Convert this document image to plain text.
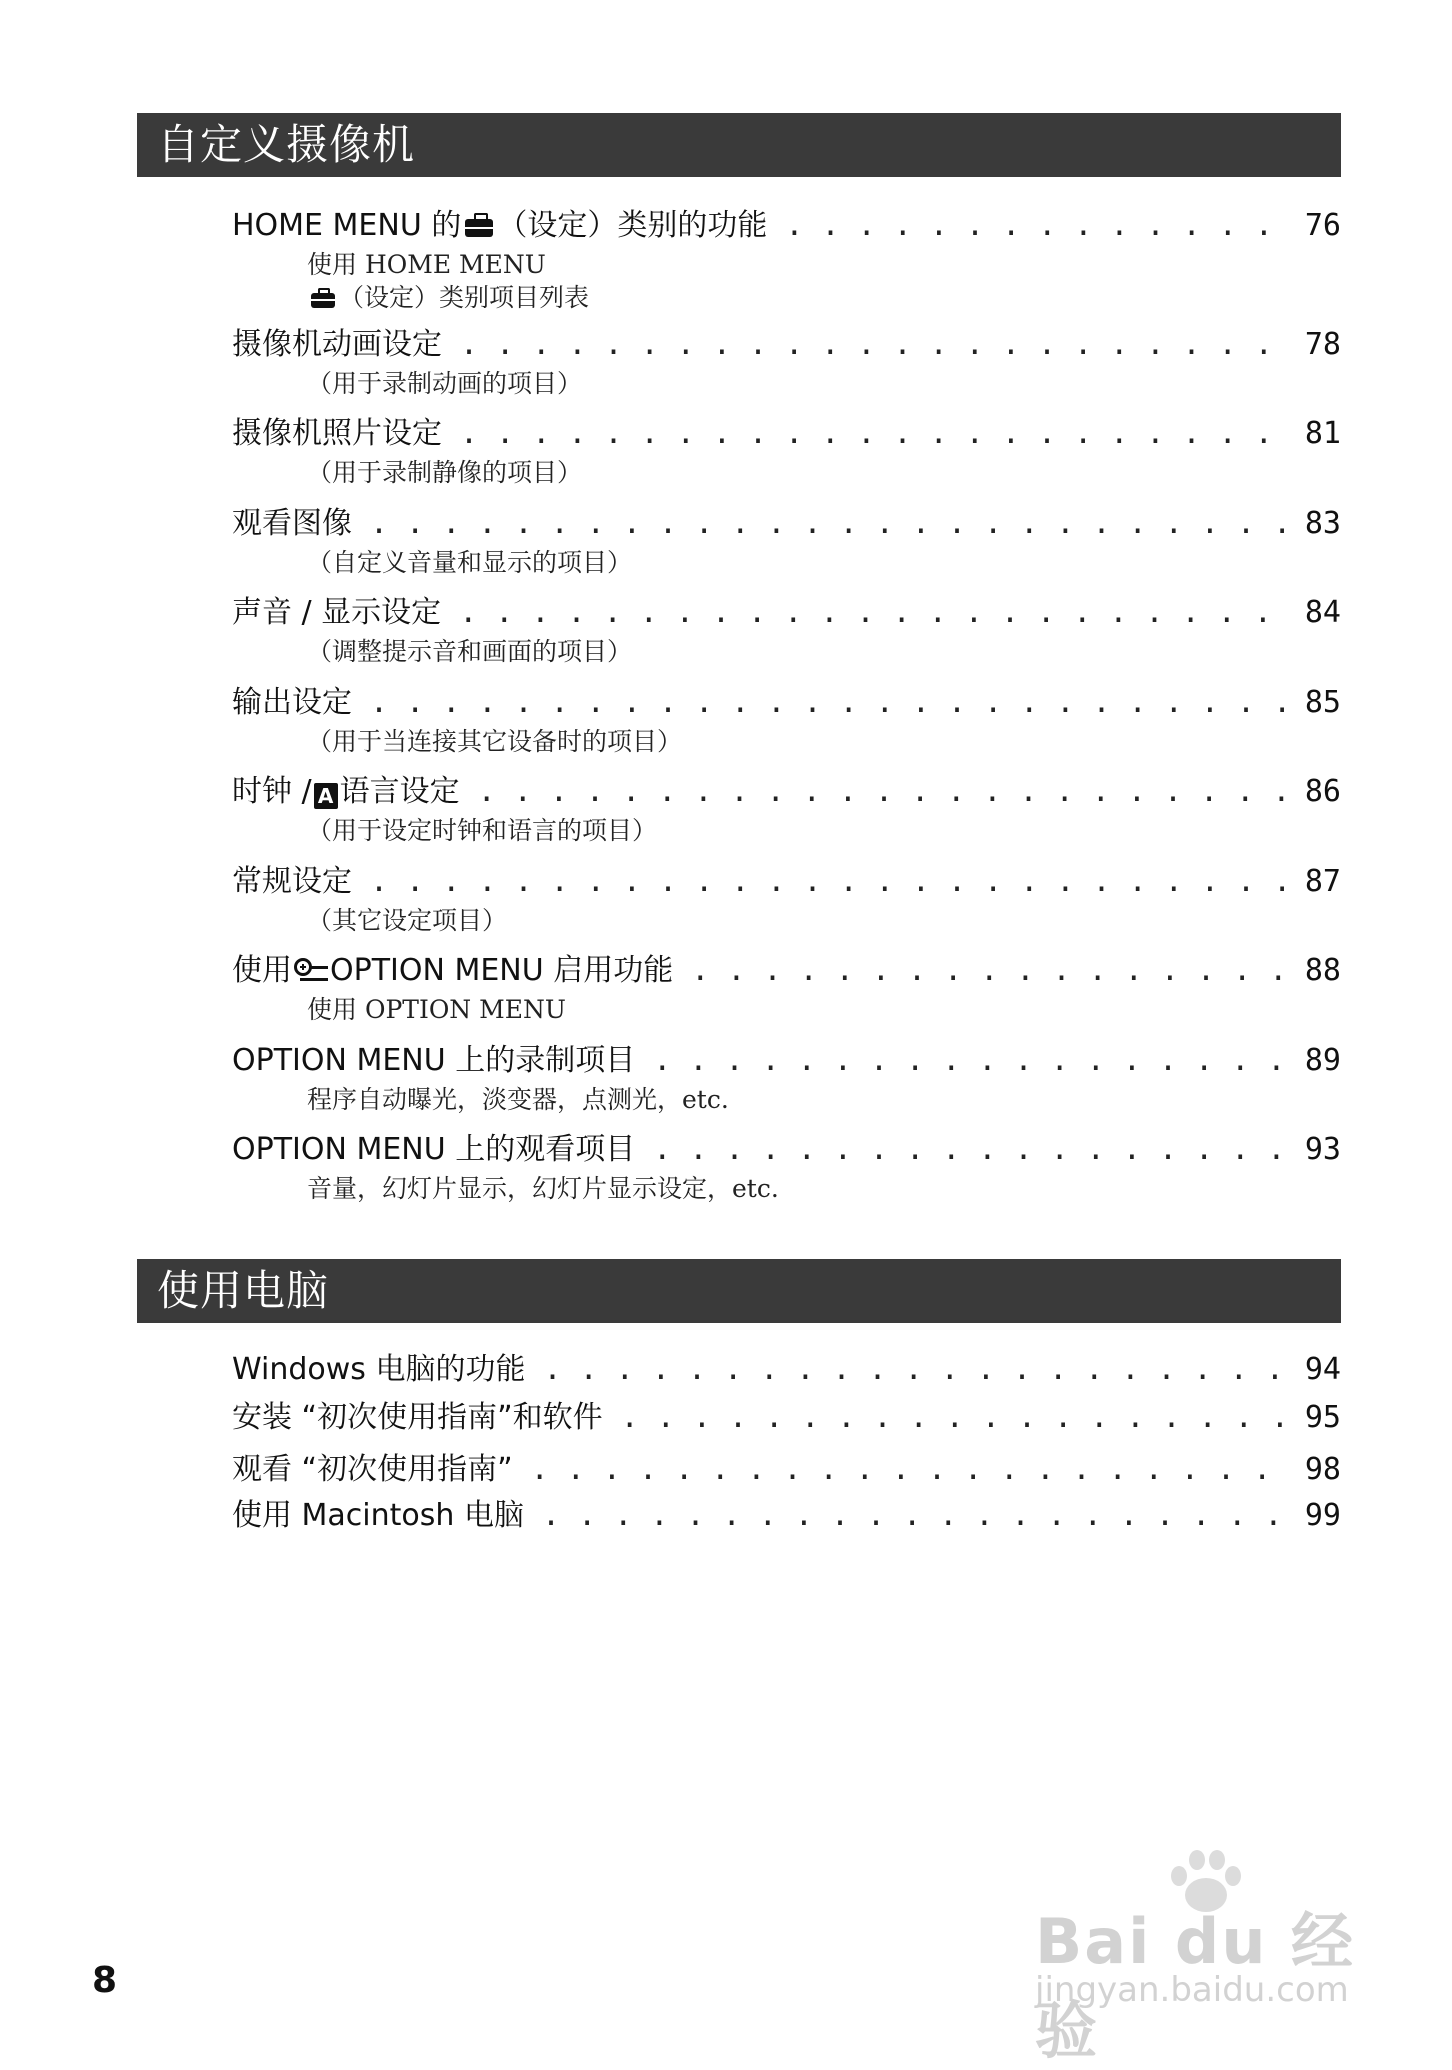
自定义摄像机
HOME MENU 的 （设定）类别的功能 . . .	76
使用 HOME MENU
（设定）类别项目列表
摄像机动画设定 . . .	78
（用于录制动画的项目）
摄像机照片设定 . . .	81
（用于录制静像的项目）
观看图像 . . .	83
（自定义音量和显示的项目）
声音 / 显示设定 . . .	84
（调整提示音和画面的项目）
输出设定 . . .	85
（用于当连接其它设备时的项目）
时钟 / A 语言设定 . . .	86
（用于设定时钟和语言的项目）
常规设定 . . .	87
（其它设定项目）
使用 OPTION MENU 启用功能 . . .	88
使用 OPTION MENU
OPTION MENU 上的录制项目 . . .	89
程序自动曝光，淡变器，点测光，etc.
OPTION MENU 上的观看项目 . . .	93
音量，幻灯片显示，幻灯片显示设定，etc.
使用电脑
Windows 电脑的功能 . . .	94
安装 “初次使用指南”和软件 . . .	95
观看 “初次使用指南” . . .	98
使用 Macintosh 电脑 . . .	99
Bai du 经验
jingyan.baidu.com
8
